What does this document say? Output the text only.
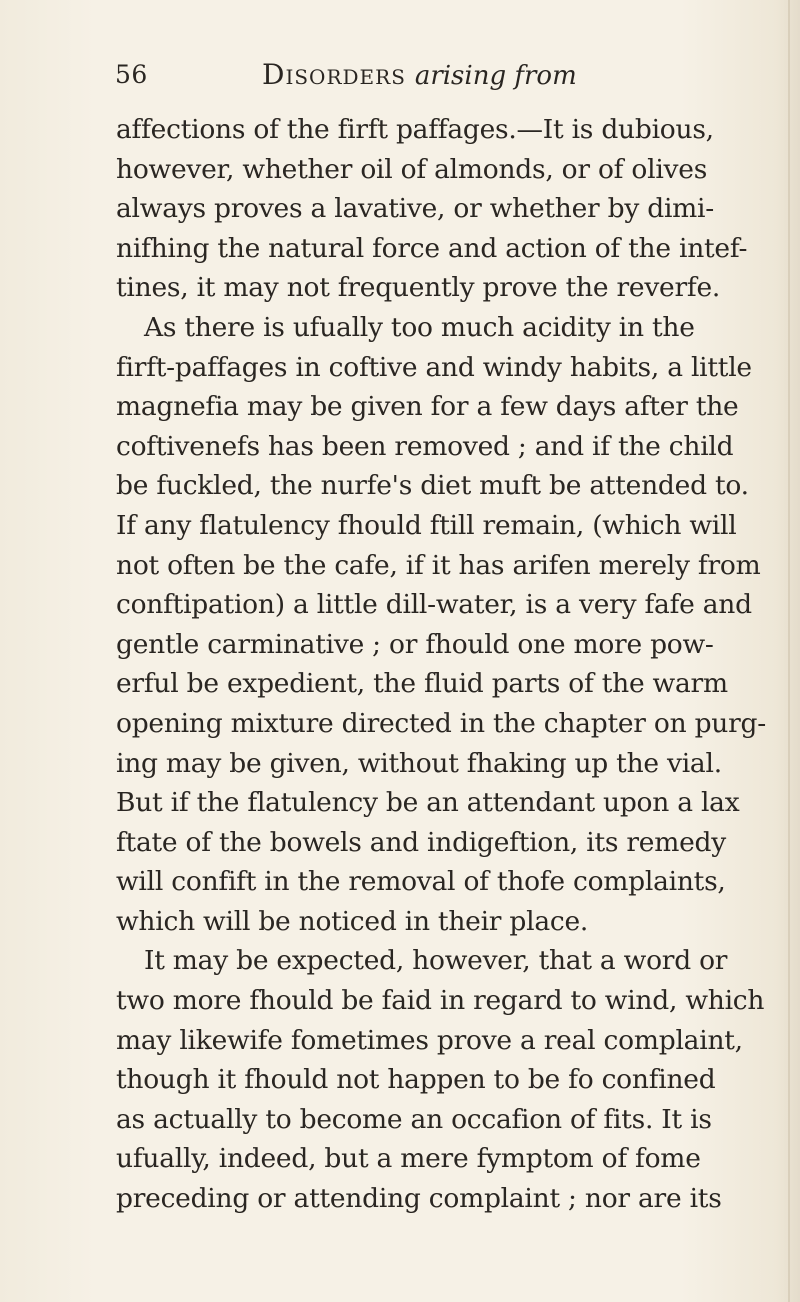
56	Disorders arising from
affections of the firft paffages.—It is dubious,
however, whether oil of almonds, or of olives
always proves a lavative, or whether by dimi-
nifhing the natural force and action of the intef-
tines, it may not frequently prove the reverfe.
As there is ufually too much acidity in the
firft-paffages in coftive and windy habits, a little
magnefia may be given for a few days after the
coftivenefs has been removed ; and if the child
be fuckled, the nurfe's diet muft be attended to.
If any flatulency fhould ftill remain, (which will
not often be the cafe, if it has arifen merely from
conftipation) a little dill-water, is a very fafe and
gentle carminative ; or fhould one more pow-
erful be expedient, the fluid parts of the warm
opening mixture directed in the chapter on purg-
ing may be given, without fhaking up the vial.
But if the flatulency be an attendant upon a lax
ftate of the bowels and indigeftion, its remedy
will confift in the removal of thofe complaints,
which will be noticed in their place.
It may be expected, however, that a word or
two more fhould be faid in regard to wind, which
may likewife fometimes prove a real complaint,
though it fhould not happen to be fo confined
as actually to become an occafion of fits. It is
ufually, indeed, but a mere fymptom of fome
preceding or attending complaint ; nor are its
